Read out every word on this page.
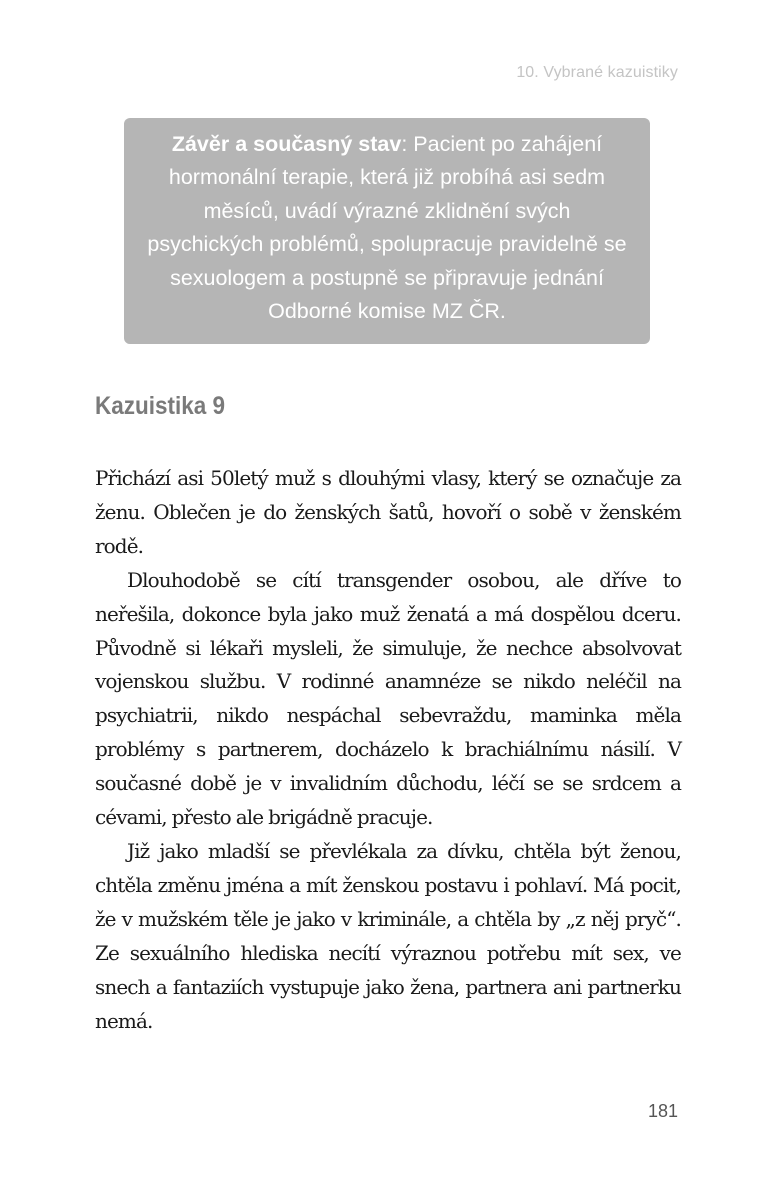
10. Vybrané kazuistiky
Závěr a současný stav: Pacient po zahájení hormonální terapie, která již probíhá asi sedm měsíců, uvádí výrazné zklidnění svých psychických problémů, spolupracuje pravidelně se sexuologem a postupně se připravuje jednání Odborné komise MZ ČR.
Kazuistika 9

Přichází asi 50letý muž s dlouhými vlasy, který se označuje za ženu. Oblečen je do ženských šatů, hovoří o sobě v ženském rodě.

Dlouhodobě se cítí transgender osobou, ale dříve to neřešila, dokonce byla jako muž ženatá a má dospělou dceru. Původně si lékaři mysleli, že simuluje, že nechce absolvovat vojenskou službu. V rodinné anamnéze se nikdo neléčil na psychiatrii, nikdo nespáchal sebevraždu, maminka měla problémy s partnerem, docházelo k brachiálnímu násilí. V současné době je v invalidním důchodu, léčí se se srdcem a cévami, přesto ale brigádně pracuje.

Již jako mladší se převlékala za dívku, chtěla být ženou, chtěla změnu jména a mít ženskou postavu i pohlaví. Má pocit, že v mužském těle je jako v kriminále, a chtěla by „z něj pryč“. Ze sexuálního hlediska necítí výraznou potřebu mít sex, ve snech a fantaziích vystupuje jako žena, partnera ani partnerku nemá.

181
